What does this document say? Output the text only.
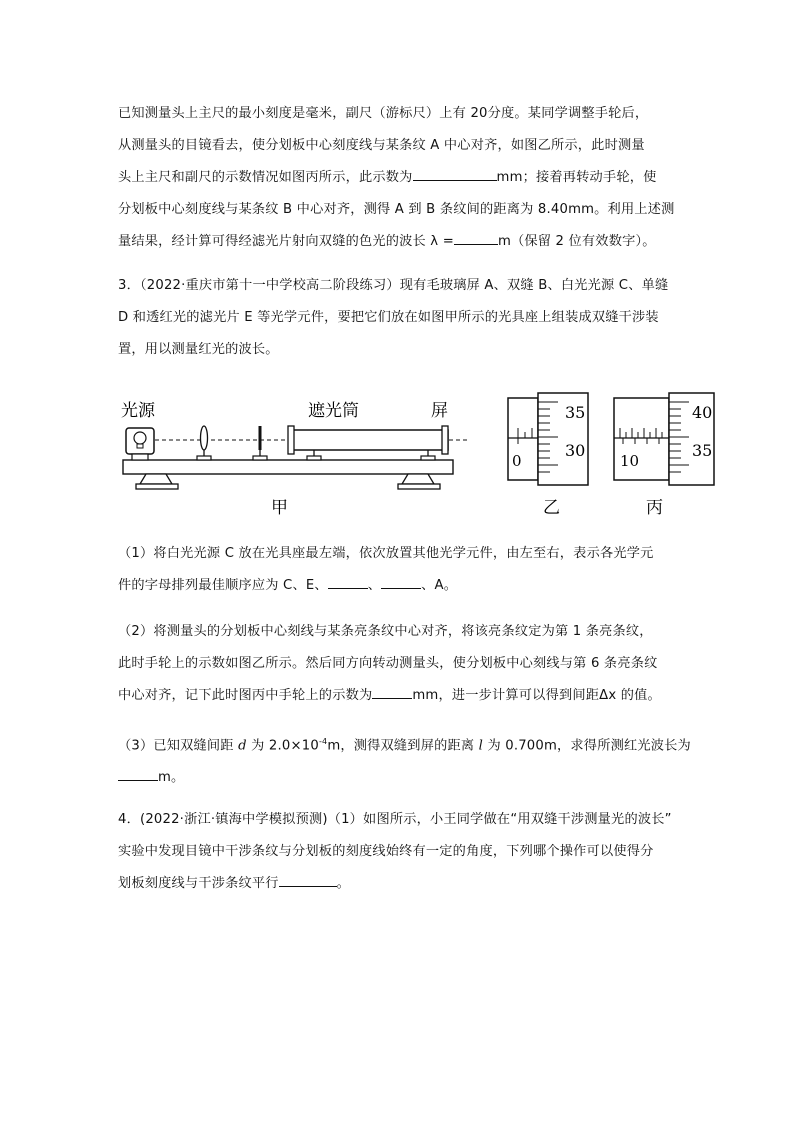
已知测量头上主尺的最小刻度是毫米，副尺（游标尺）上有 20分度。某同学调整手轮后，
从测量头的目镜看去，使分划板中心刻度线与某条纹 A 中心对齐，如图乙所示，此时测量
头上主尺和副尺的示数情况如图丙所示，此示数为	mm；接着再转动手轮，使
分划板中心刻度线与某条纹 B 中心对齐，测得 A 到 B 条纹间的距离为 8.40mm。利用上述测
量结果，经计算可得经滤光片射向双缝的色光的波长 λ =	m（保留 2 位有效数字）。
3．（2022·重庆市第十一中学校高二阶段练习）现有毛玻璃屏 A、双缝 B、白光光源 C、单缝
D 和透红光的滤光片 E 等光学元件，要把它们放在如图甲所示的光具座上组装成双缝干涉装
置，用以测量红光的波长。
光源	遮光筒	屏
甲
35
30
0
乙
40
35
10
丙
（1）将白光光源 C 放在光具座最左端，依次放置其他光学元件，由左至右，表示各光学元
件的字母排列最佳顺序应为 C、E、	、	、A。
（2）将测量头的分划板中心刻线与某条亮条纹中心对齐，将该亮条纹定为第 1 条亮条纹，
此时手轮上的示数如图乙所示。然后同方向转动测量头，使分划板中心刻线与第 6 条亮条纹
中心对齐，记下此时图丙中手轮上的示数为	mm，进一步计算可以得到间距Δx 的值。
（3）已知双缝间距 d 为 $2.0\times 10^{-4}m$，测得双缝到屏的距离 l 为 0.700m，求得所测红光波长为
m。
4．(2022·浙江·镇海中学模拟预测)（1）如图所示，小王同学做在“用双缝干涉测量光的波长”
实验中发现目镜中干涉条纹与分划板的刻度线始终有一定的角度，下列哪个操作可以使得分
划板刻度线与干涉条纹平行	。
